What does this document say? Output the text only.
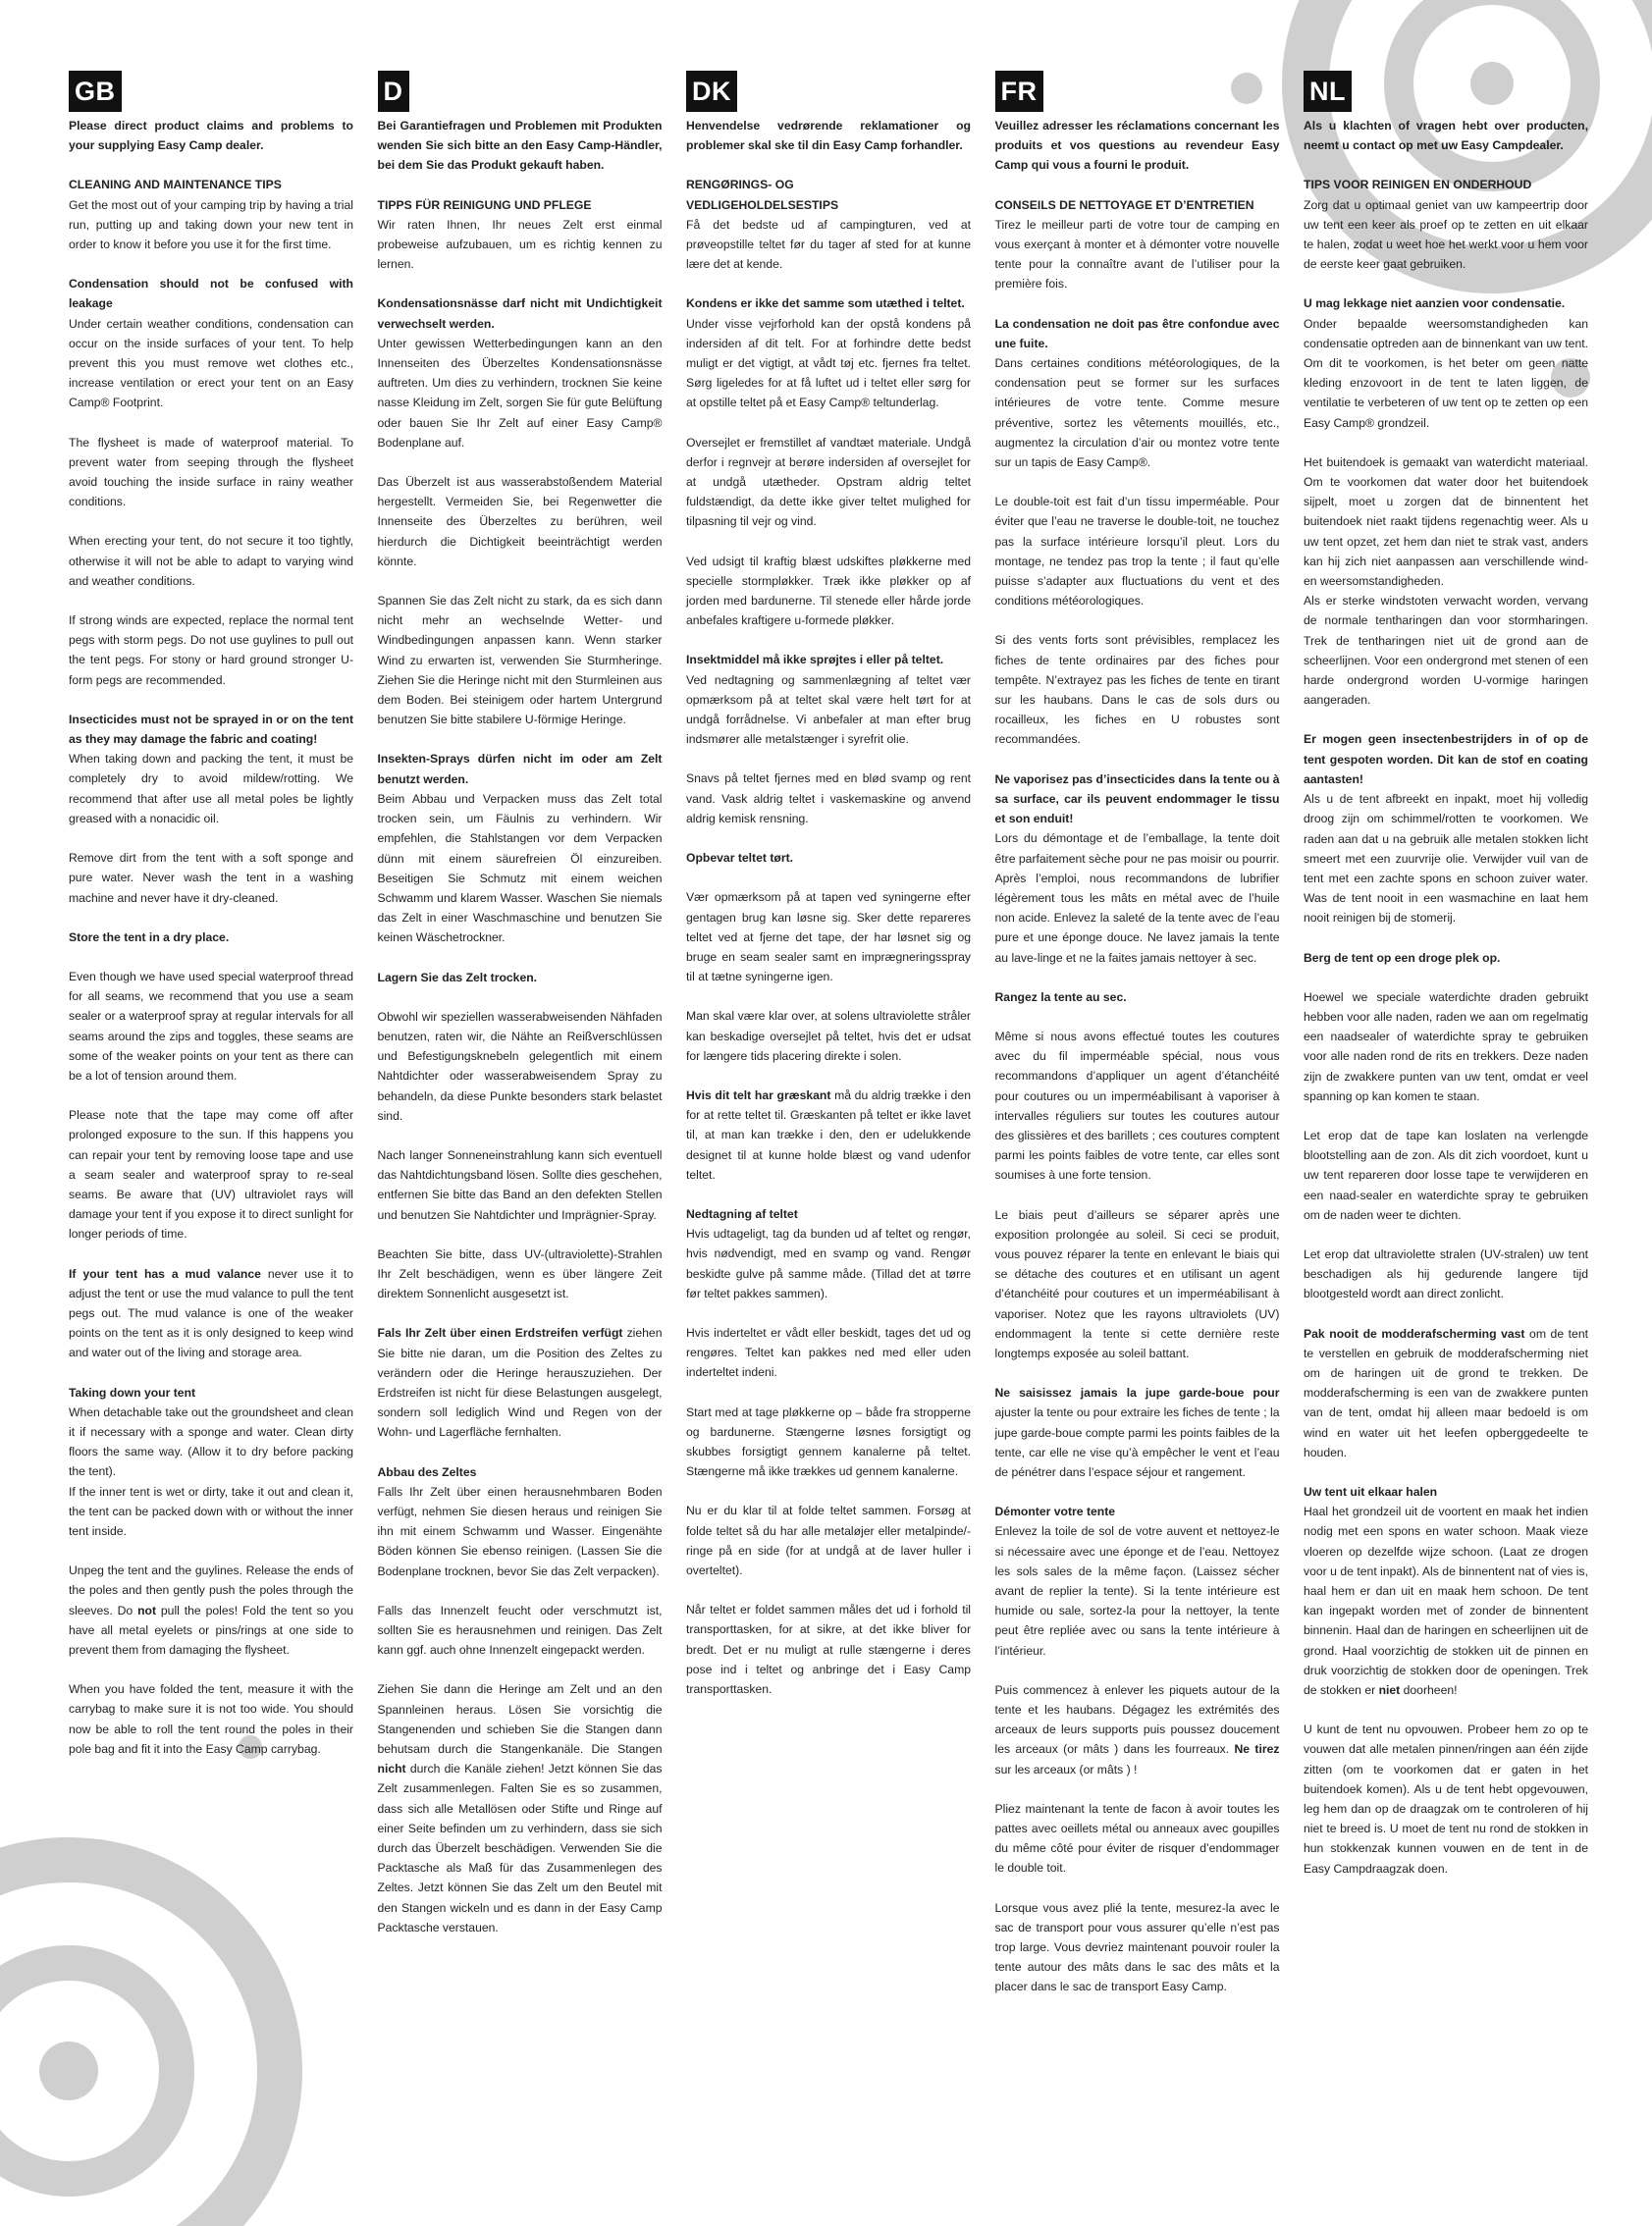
GB

Please direct product claims and problems to your supplying Easy Camp dealer.

CLEANING AND MAINTENANCE TIPS

Get the most out of your camping trip by having a trial run, putting up and taking down your new tent in order to know it before you use it for the first time.

Condensation should not be confused with leakage

Under certain weather conditions, condensation can occur on the inside surfaces of your tent. To help prevent this you must remove wet clothes etc., increase ventilation or erect your tent on an Easy Camp® Footprint.

The flysheet is made of waterproof material. To prevent water from seeping through the flysheet avoid touching the inside surface in rainy weather conditions.

When erecting your tent, do not secure it too tightly, otherwise it will not be able to adapt to varying wind and weather conditions.

If strong winds are expected, replace the normal tent pegs with storm pegs. Do not use guylines to pull out the tent pegs. For stony or hard ground stronger U-form pegs are recommended.

Insecticides must not be sprayed in or on the tent as they may damage the fabric and coating!

When taking down and packing the tent, it must be completely dry to avoid mildew/rotting. We recommend that after use all metal poles be lightly greased with a nonacidic oil.

Remove dirt from the tent with a soft sponge and pure water. Never wash the tent in a washing machine and never have it dry-cleaned.

Store the tent in a dry place.

Even though we have used special waterproof thread for all seams, we recommend that you use a seam sealer or a waterproof spray at regular intervals for all seams around the zips and toggles, these seams are some of the weaker points on your tent as there can be a lot of tension around them.

Please note that the tape may come off after prolonged exposure to the sun. If this happens you can repair your tent by removing loose tape and use a seam sealer and waterproof spray to re-seal seams. Be aware that (UV) ultraviolet rays will damage your tent if you expose it to direct sunlight for longer periods of time.

If your tent has a mud valance never use it to adjust the tent or use the mud valance to pull the tent pegs out. The mud valance is one of the weaker points on the tent as it is only designed to keep wind and water out of the living and storage area.

Taking down your tent

When detachable take out the groundsheet and clean it if necessary with a sponge and water. Clean dirty floors the same way. (Allow it to dry before packing the tent).

If the inner tent is wet or dirty, take it out and clean it, the tent can be packed down with or without the inner tent inside.

Unpeg the tent and the guylines. Release the ends of the poles and then gently push the poles through the sleeves. Do not pull the poles! Fold the tent so you have all metal eyelets or pins/rings at one side to prevent them from damaging the flysheet.

When you have folded the tent, measure it with the carrybag to make sure it is not too wide. You should now be able to roll the tent round the poles in their pole bag and fit it into the Easy Camp carrybag.

D

Bei Garantiefragen und Problemen mit Produkten wenden Sie sich bitte an den Easy Camp-Händler, bei dem Sie das Produkt gekauft haben.

TIPPS FÜR REINIGUNG UND PFLEGE

Wir raten Ihnen, Ihr neues Zelt erst einmal probeweise aufzubauen, um es richtig kennen zu lernen.

Kondensationsnässe darf nicht mit Undichtigkeit verwechselt werden.

Unter gewissen Wetterbedingungen kann an den Innenseiten des Überzeltes Kondensationsnässe auftreten. Um dies zu verhindern, trocknen Sie keine nasse Kleidung im Zelt, sorgen Sie für gute Belüftung oder bauen Sie Ihr Zelt auf einer Easy Camp® Bodenplane auf.

Das Überzelt ist aus wasserabstoßendem Material hergestellt. Vermeiden Sie, bei Regenwetter die Innenseite des Überzeltes zu berühren, weil hierdurch die Dichtigkeit beeinträchtigt werden könnte.

Spannen Sie das Zelt nicht zu stark, da es sich dann nicht mehr an wechselnde Wetter- und Windbedingungen anpassen kann. Wenn starker Wind zu erwarten ist, verwenden Sie Sturmheringe. Ziehen Sie die Heringe nicht mit den Sturmleinen aus dem Boden. Bei steinigem oder hartem Untergrund benutzen Sie bitte stabilere U-förmige Heringe.

Insekten-Sprays dürfen nicht im oder am Zelt benutzt werden.

Beim Abbau und Verpacken muss das Zelt total trocken sein, um Fäulnis zu verhindern. Wir empfehlen, die Stahlstangen vor dem Verpacken dünn mit einem säurefreien Öl einzureiben. Beseitigen Sie Schmutz mit einem weichen Schwamm und klarem Wasser. Waschen Sie niemals das Zelt in einer Waschmaschine und benutzen Sie keinen Wäschetrockner.

Lagern Sie das Zelt trocken.

Obwohl wir speziellen wasserabweisenden Nähfaden benutzen, raten wir, die Nähte an Reißverschlüssen und Befestigungsknebeln gelegentlich mit einem Nahtdichter oder wasserabweisendem Spray zu behandeln, da diese Punkte besonders stark belastet sind.

Nach langer Sonneneinstrahlung kann sich eventuell das Nahtdichtungsband lösen. Sollte dies geschehen, entfernen Sie bitte das Band an den defekten Stellen und benutzen Sie Nahtdichter und Imprägnier-Spray.

Beachten Sie bitte, dass UV-(ultraviolette)-Strahlen Ihr Zelt beschädigen, wenn es über längere Zeit direktem Sonnenlicht ausgesetzt ist.

Fals Ihr Zelt über einen Erdstreifen verfügt ziehen Sie bitte nie daran, um die Position des Zeltes zu verändern oder die Heringe herauszuziehen. Der Erdstreifen ist nicht für diese Belastungen ausgelegt, sondern soll lediglich Wind und Regen von der Wohn- und Lagerfläche fernhalten.

Abbau des Zeltes

Falls Ihr Zelt über einen herausnehmbaren Boden verfügt, nehmen Sie diesen heraus und reinigen Sie ihn mit einem Schwamm und Wasser. Eingenähte Böden können Sie ebenso reinigen. (Lassen Sie die Bodenplane trocknen, bevor Sie das Zelt verpacken).

Falls das Innenzelt feucht oder verschmutzt ist, sollten Sie es herausnehmen und reinigen. Das Zelt kann ggf. auch ohne Innenzelt eingepackt werden.

Ziehen Sie dann die Heringe am Zelt und an den Spannleinen heraus. Lösen Sie vorsichtig die Stangenenden und schieben Sie die Stangen dann behutsam durch die Stangenkanäle. Die Stangen nicht durch die Kanäle ziehen! Jetzt können Sie das Zelt zusammenlegen. Falten Sie es so zusammen, dass sich alle Metallösen oder Stifte und Ringe auf einer Seite befinden um zu verhindern, dass sie sich durch das Überzelt beschädigen. Verwenden Sie die Packtasche als Maß für das Zusammenlegen des Zeltes. Jetzt können Sie das Zelt um den Beutel mit den Stangen wickeln und es dann in der Easy Camp Packtasche verstauen.

DK

Henvendelse vedrørende reklamationer og problemer skal ske til din Easy Camp forhandler.

RENGØRINGS- OG

VEDLIGEHOLDELSESTIPS

Få det bedste ud af campingturen, ved at prøveopstille teltet før du tager af sted for at kunne lære det at kende.

Kondens er ikke det samme som utæthed i teltet.

Under visse vejrforhold kan der opstå kondens på indersiden af dit telt. For at forhindre dette bedst muligt er det vigtigt, at vådt tøj etc. fjernes fra teltet. Sørg ligeledes for at få luftet ud i teltet eller sørg for at opstille teltet på et Easy Camp® teltunderlag.

Oversejlet er fremstillet af vandtæt materiale. Undgå derfor i regnvejr at berøre indersiden af oversejlet for at undgå utætheder. Opstram aldrig teltet fuldstændigt, da dette ikke giver teltet mulighed for tilpasning til vejr og vind.

Ved udsigt til kraftig blæst udskiftes pløkkerne med specielle stormpløkker. Træk ikke pløkker op af jorden med bardunerne. Til stenede eller hårde jorde anbefales kraftigere u-formede pløkker.

Insektmiddel må ikke sprøjtes i eller på teltet.

Ved nedtagning og sammenlægning af teltet vær opmærksom på at teltet skal være helt tørt for at undgå forrådnelse. Vi anbefaler at man efter brug indsmører alle metalstænger i syrefrit olie.

Snavs på teltet fjernes med en blød svamp og rent vand. Vask aldrig teltet i vaskemaskine og anvend aldrig kemisk rensning.

Opbevar teltet tørt.

Vær opmærksom på at tapen ved syningerne efter gentagen brug kan løsne sig. Sker dette repareres teltet ved at fjerne det tape, der har løsnet sig og bruge en seam sealer samt en imprægneringsspray til at tætne syningerne igen.

Man skal være klar over, at solens ultraviolette stråler kan beskadige oversejlet på teltet, hvis det er udsat for længere tids placering direkte i solen.

Hvis dit telt har græskant må du aldrig trække i den for at rette teltet til. Græskanten på teltet er ikke lavet til, at man kan trække i den, den er udelukkende designet til at kunne holde blæst og vand udenfor teltet.

Nedtagning af teltet

Hvis udtageligt, tag da bunden ud af teltet og rengør, hvis nødvendigt, med en svamp og vand. Rengør beskidte gulve på samme måde. (Tillad det at tørre før teltet pakkes sammen).

Hvis inderteltet er vådt eller beskidt, tages det ud og rengøres. Teltet kan pakkes ned med eller uden inderteltet indeni.

Start med at tage pløkkerne op – både fra stropperne og bardunerne. Stængerne løsnes forsigtigt og skubbes forsigtigt gennem kanalerne på teltet. Stængerne må ikke trækkes ud gennem kanalerne.

Nu er du klar til at folde teltet sammen. Forsøg at folde teltet så du har alle metaløjer eller metalpinde/-ringe på en side (for at undgå at de laver huller i overteltet).

Når teltet er foldet sammen måles det ud i forhold til transporttasken, for at sikre, at det ikke bliver for bredt. Det er nu muligt at rulle stængerne i deres pose ind i teltet og anbringe det i Easy Camp transporttasken.

FR

Veuillez adresser les réclamations concernant les produits et vos questions au revendeur Easy Camp qui vous a fourni le produit.

CONSEILS DE NETTOYAGE ET D’ENTRETIEN

Tirez le meilleur parti de votre tour de camping en vous exerçant à monter et à démonter votre nouvelle tente pour la connaître avant de l’utiliser pour la première fois.

La condensation ne doit pas être confondue avec une fuite.

Dans certaines conditions météorologiques, de la condensation peut se former sur les surfaces intérieures de votre tente. Comme mesure préventive, sortez les vêtements mouillés, etc., augmentez la circulation d’air ou montez votre tente sur un tapis de Easy Camp®.

Le double-toit est fait d’un tissu imperméable. Pour éviter que l’eau ne traverse le double-toit, ne touchez pas la surface intérieure lorsqu’il pleut. Lors du montage, ne tendez pas trop la tente ; il faut qu’elle puisse s’adapter aux fluctuations du vent et des conditions météorologiques.

Si des vents forts sont prévisibles, remplacez les fiches de tente ordinaires par des fiches pour tempête. N’extrayez pas les fiches de tente en tirant sur les haubans. Dans le cas de sols durs ou rocailleux, les fiches en U robustes sont recommandées.

Ne vaporisez pas d’insecticides dans la tente ou à sa surface, car ils peuvent endommager le tissu et son enduit!

Lors du démontage et de l’emballage, la tente doit être parfaitement sèche pour ne pas moisir ou pourrir. Après l’emploi, nous recommandons de lubrifier légèrement tous les mâts en métal avec de l’huile non acide. Enlevez la saleté de la tente avec de l’eau pure et une éponge douce. Ne lavez jamais la tente au lave-linge et ne la faites jamais nettoyer à sec.

Rangez la tente au sec.

Même si nous avons effectué toutes les coutures avec du fil imperméable spécial, nous vous recommandons d’appliquer un agent d’étanchéité pour coutures ou un imperméabilisant à vaporiser à intervalles réguliers sur toutes les coutures autour des glissières et des barillets ; ces coutures comptent parmi les points faibles de votre tente, car elles sont soumises à une forte tension.

Le biais peut d’ailleurs se séparer après une exposition prolongée au soleil. Si ceci se produit, vous pouvez réparer la tente en enlevant le biais qui se détache des coutures et en utilisant un agent d’étanchéité pour coutures et un imperméabilisant à vaporiser. Notez que les rayons ultraviolets (UV) endommagent la tente si cette dernière reste longtemps exposée au soleil battant.

Ne saisissez jamais la jupe garde-boue pour ajuster la tente ou pour extraire les fiches de tente ; la jupe garde-boue compte parmi les points faibles de la tente, car elle ne vise qu’à empêcher le vent et l’eau de pénétrer dans l’espace séjour et rangement.

Démonter votre tente

Enlevez la toile de sol de votre auvent et nettoyez-le si nécessaire avec une éponge et de l’eau. Nettoyez les sols sales de la même façon. (Laissez sécher avant de replier la tente). Si la tente intérieure est humide ou sale, sortez-la pour la nettoyer, la tente peut être repliée avec ou sans la tente intérieure à l’intérieur.

Puis commencez à enlever les piquets autour de la tente et les haubans. Dégagez les extrémités des arceaux de leurs supports puis poussez doucement les arceaux (or mâts ) dans les fourreaux. Ne tirez sur les arceaux (or mâts ) !

Pliez maintenant la tente de facon à avoir toutes les pattes avec oeillets métal ou anneaux avec goupilles du même côté pour éviter de risquer d’endommager le double toit.

Lorsque vous avez plié la tente, mesurez-la avec le sac de transport pour vous assurer qu’elle n’est pas trop large. Vous devriez maintenant pouvoir rouler la tente autour des mâts dans le sac des mâts et la placer dans le sac de transport Easy Camp.

NL

Als u klachten of vragen hebt over producten, neemt u contact op met uw Easy Campdealer.

TIPS VOOR REINIGEN EN ONDERHOUD

Zorg dat u optimaal geniet van uw kampeertrip door uw tent een keer als proef op te zetten en uit elkaar te halen, zodat u weet hoe het werkt voor u hem voor de eerste keer gaat gebruiken.

U mag lekkage niet aanzien voor condensatie.

Onder bepaalde weersomstandigheden kan condensatie optreden aan de binnenkant van uw tent. Om dit te voorkomen, is het beter om geen natte kleding enzovoort in de tent te laten liggen, de ventilatie te verbeteren of uw tent op te zetten op een Easy Camp® grondzeil.

Het buitendoek is gemaakt van waterdicht materiaal. Om te voorkomen dat water door het buitendoek sijpelt, moet u zorgen dat de binnentent het buitendoek niet raakt tijdens regenachtig weer. Als u uw tent opzet, zet hem dan niet te strak vast, anders kan hij zich niet aanpassen aan verschillende wind- en weersomstandigheden.

Als er sterke windstoten verwacht worden, vervang de normale tentharingen dan voor stormharingen. Trek de tentharingen niet uit de grond aan de scheerlijnen. Voor een ondergrond met stenen of een harde ondergrond worden U-vormige haringen aangeraden.

Er mogen geen insectenbestrijders in of op de tent gespoten worden. Dit kan de stof en coating aantasten!

Als u de tent afbreekt en inpakt, moet hij volledig droog zijn om schimmel/rotten te voorkomen. We raden aan dat u na gebruik alle metalen stokken licht smeert met een zuurvrije olie. Verwijder vuil van de tent met een zachte spons en schoon zuiver water. Was de tent nooit in een wasmachine en laat hem nooit reinigen bij de stomerij.

Berg de tent op een droge plek op.

Hoewel we speciale waterdichte draden gebruikt hebben voor alle naden, raden we aan om regelmatig een naadsealer of waterdichte spray te gebruiken voor alle naden rond de rits en trekkers. Deze naden zijn de zwakkere punten van uw tent, omdat er veel spanning op kan komen te staan.

Let erop dat de tape kan loslaten na verlengde blootstelling aan de zon. Als dit zich voordoet, kunt u uw tent repareren door losse tape te verwijderen en een naad-sealer en waterdichte spray te gebruiken om de naden weer te dichten.

Let erop dat ultraviolette stralen (UV-stralen) uw tent beschadigen als hij gedurende langere tijd blootgesteld wordt aan direct zonlicht.

Pak nooit de modderafscherming vast om de tent te verstellen en gebruik de modderafscherming niet om de haringen uit de grond te trekken. De modderafscherming is een van de zwakkere punten van de tent, omdat hij alleen maar bedoeld is om wind en water uit het leefen opberggedeelte te houden.

Uw tent uit elkaar halen

Haal het grondzeil uit de voortent en maak het indien nodig met een spons en water schoon. Maak vieze vloeren op dezelfde wijze schoon. (Laat ze drogen voor u de tent inpakt). Als de binnentent nat of vies is, haal hem er dan uit en maak hem schoon. De tent kan ingepakt worden met of zonder de binnentent binnenin. Haal dan de haringen en scheerlijnen uit de grond. Haal voorzichtig de stokken uit de pinnen en druk voorzichtig de stokken door de openingen. Trek de stokken er niet doorheen!

U kunt de tent nu opvouwen. Probeer hem zo op te vouwen dat alle metalen pinnen/ringen aan één zijde zitten (om te voorkomen dat er gaten in het buitendoek komen). Als u de tent hebt opgevouwen, leg hem dan op de draagzak om te controleren of hij niet te breed is. U moet de tent nu rond de stokken in hun stokkenzak kunnen vouwen en de tent in de Easy Campdraagzak doen.
